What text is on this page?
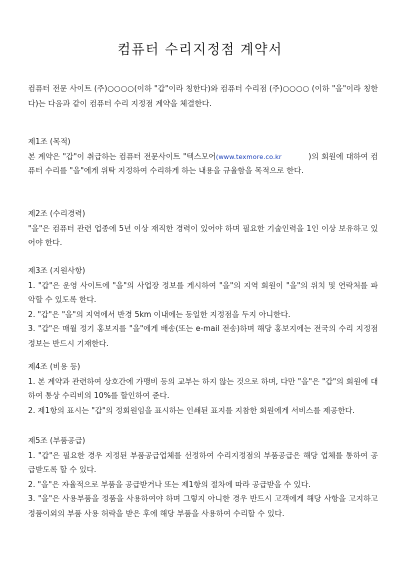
컴퓨터 수리지정점 계약서
컴퓨터 전문 사이트 (주)○○○○(이하 "갑"이라 칭한다)와 컴퓨터 수리점 (주)○○○○ (이하 "을"이라 칭한다)는 다음과 같이 컴퓨터 수리 지정점 계약을 체결한다.
제1조 (목적)

본 계약은 "갑"이 취급하는 컴퓨터 전문사이트 "텍스모어(www.texmore.co.kr	)의 회원에 대하여 컴퓨터 수리를 "을"에게 위탁 지정하여 수리하게 하는 내용을 규율함을 목적으로 한다.

제2조 (수리경력)

"을"은 컴퓨터 관련 업종에 5년 이상 재직한 경력이 있어야 하며 필요한 기술인력을 1인 이상 보유하고 있어야 한다.

제3조 (지원사항)

1. "갑"은 운영 사이트에 "을"의 사업장 정보를 게시하여 "을"의 지역 회원이 "을"의 위치 및 연락처를 파악할 수 있도록 한다.

2. "갑"은 "을"의 지역에서 반경 5km 이내에는 동일한 지정점을 두지 아니한다.

3. "갑"은 매월 정기 홍보지를 "을"에게 배송(또는 e-mail 전송)하며 해당 홍보지에는 전국의 수리 지정점 정보는 반드시 기재한다.

제4조 (비용 등)

1. 본 계약과 관련하여 상호간에 가맹비 등의 교부는 하지 않는 것으로 하며, 다만 "을"은 "갑"의 회원에 대하여 통상 수리비의 10%를 할인하여 준다.

2. 제1항의 표시는 "갑"의 정회원임을 표시하는 인쇄된 표지를 지참한 회원에게 서비스를 제공한다.

제5조 (부품공급)

1. "갑"은 필요한 경우 지정된 부품공급업체를 선정하여 수리지정점의 부품공급은 해당 업체를 통하여 공급받도록 할 수 있다.

2. "을"은 자율적으로 부품을 공급받거나 또는 제1항의 절차에 따라 공급받을 수 있다.

3. "을"은 사용부품을 정품을 사용하여야 하며 그렇지 아니한 경우 반드시 고객에게 해당 사항을 고지하고 정품이외의 부품 사용 허락을 받은 후에 해당 부품을 사용하여 수리할 수 있다.
